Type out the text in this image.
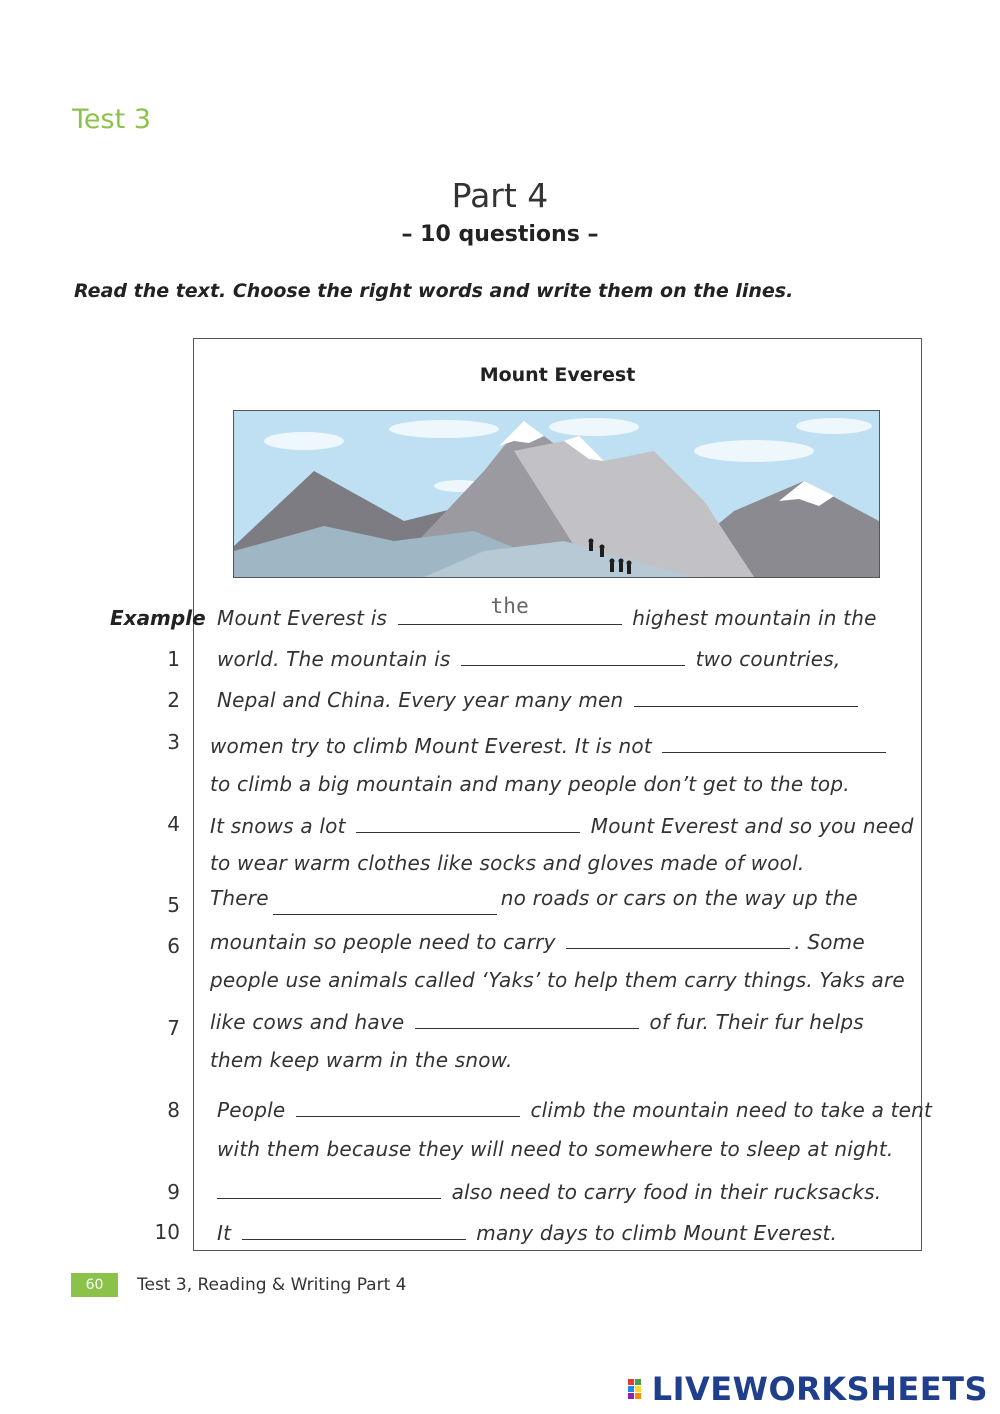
Test 3
Part 4
– 10 questions –
Read the text. Choose the right words and write them on the lines.
Mount Everest
Example
1
2
3
4
5
6
7
8
9
10
Mount Everest is	the	highest mountain in the
world. The mountain is	two countries,
Nepal and China. Every year many men
women try to climb Mount Everest. It is not
to climb a big mountain and many people don’t get to the top.
It snows a lot	Mount Everest and so you need
to wear warm clothes like socks and gloves made of wool.
There	no roads or cars on the way up the
mountain so people need to carry	. Some
people use animals called ‘Yaks’ to help them carry things. Yaks are
like cows and have	of fur. Their fur helps
them keep warm in the snow.
People	climb the mountain need to take a tent
with them because they will need to somewhere to sleep at night.
also need to carry food in their rucksacks.
It	many days to climb Mount Everest.
60	Test 3, Reading & Writing Part 4
LIVEWORKSHEETS
